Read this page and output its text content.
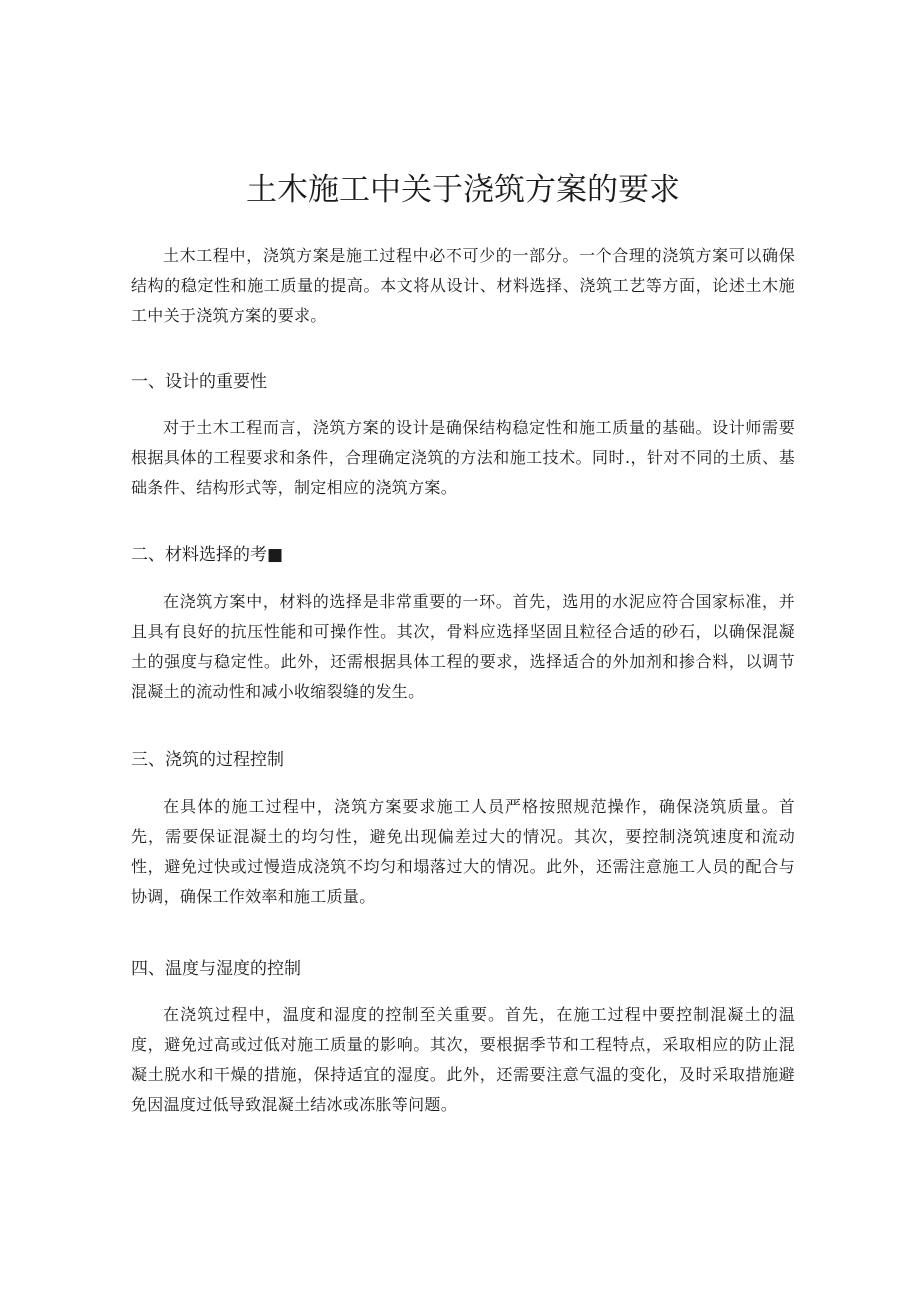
土木施工中关于浇筑方案的要求

土木工程中，浇筑方案是施工过程中必不可少的一部分。一个合理的浇筑方案可以确保结构的稳定性和施工质量的提高。本文将从设计、材料选择、浇筑工艺等方面，论述土木施工中关于浇筑方案的要求。

一、设计的重要性

对于土木工程而言，浇筑方案的设计是确保结构稳定性和施工质量的基础。设计师需要根据具体的工程要求和条件，合理确定浇筑的方法和施工技术。同时.，针对不同的土质、基础条件、结构形式等，制定相应的浇筑方案。

二、材料选择的考■

在浇筑方案中，材料的选择是非常重要的一环。首先，选用的水泥应符合国家标准，并且具有良好的抗压性能和可操作性。其次，骨料应选择坚固且粒径合适的砂石，以确保混凝土的强度与稳定性。此外，还需根据具体工程的要求，选择适合的外加剂和掺合料，以调节混凝土的流动性和减小收缩裂缝的发生。

三、浇筑的过程控制

在具体的施工过程中，浇筑方案要求施工人员严格按照规范操作，确保浇筑质量。首先，需要保证混凝土的均匀性，避免出现偏差过大的情况。其次，要控制浇筑速度和流动性，避免过快或过慢造成浇筑不均匀和塌落过大的情况。此外，还需注意施工人员的配合与协调，确保工作效率和施工质量。

四、温度与湿度的控制

在浇筑过程中，温度和湿度的控制至关重要。首先，在施工过程中要控制混凝土的温度，避免过高或过低对施工质量的影响。其次，要根据季节和工程特点，采取相应的防止混凝土脱水和干燥的措施，保持适宜的湿度。此外，还需要注意气温的变化，及时采取措施避免因温度过低导致混凝土结冰或冻胀等问题。
